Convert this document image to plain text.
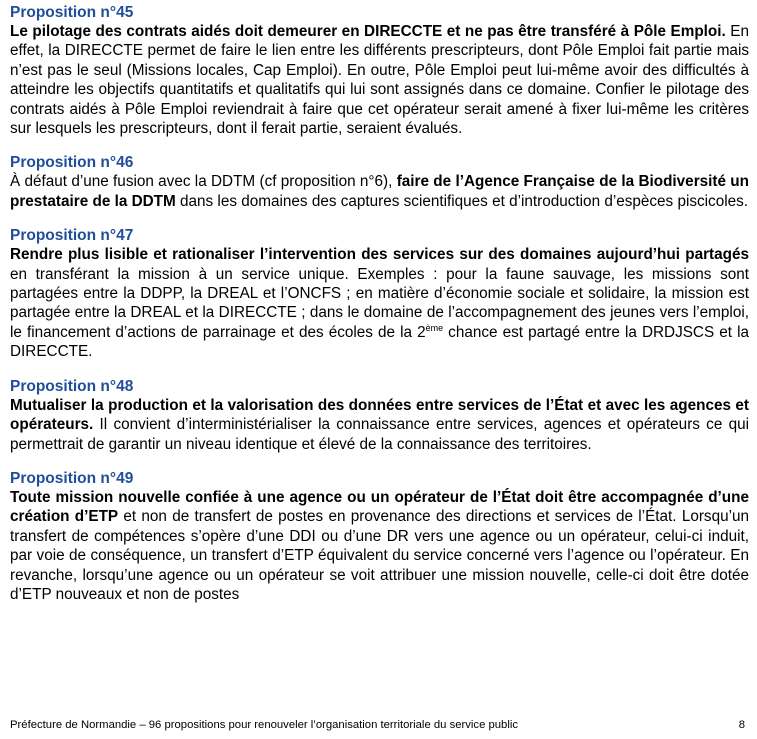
Proposition n°45
Le pilotage des contrats aidés doit demeurer en DIRECCTE et ne pas être transféré à Pôle Emploi. En effet, la DIRECCTE permet de faire le lien entre les différents prescripteurs, dont Pôle Emploi fait partie mais n’est pas le seul (Missions locales, Cap Emploi). En outre, Pôle Emploi peut lui-même avoir des difficultés à atteindre les objectifs quantitatifs et qualitatifs qui lui sont assignés dans ce domaine. Confier le pilotage des contrats aidés à Pôle Emploi reviendrait à faire que cet opérateur serait amené à fixer lui-même les critères sur lesquels les prescripteurs, dont il ferait partie, seraient évalués.
Proposition n°46
À défaut d’une fusion avec la DDTM (cf proposition n°6), faire de l’Agence Française de la Biodiversité un prestataire de la DDTM dans les domaines des captures scientifiques et d’introduction d’espèces piscicoles.
Proposition n°47
Rendre plus lisible et rationaliser l’intervention des services sur des domaines aujourd’hui partagés en transférant la mission à un service unique. Exemples : pour la faune sauvage, les missions sont partagées entre la DDPP, la DREAL et l’ONCFS ; en matière d’économie sociale et solidaire, la mission est partagée entre la DREAL et la DIRECCTE ; dans le domaine de l’accompagnement des jeunes vers l’emploi, le financement d’actions de parrainage et des écoles de la 2ème chance est partagé entre la DRDJSCS et la DIRECCTE.
Proposition n°48
Mutualiser la production et la valorisation des données entre services de l’État et avec les agences et opérateurs. Il convient d’interministérialiser la connaissance entre services, agences et opérateurs ce qui permettrait de garantir un niveau identique et élevé de la connaissance des territoires.
Proposition n°49
Toute mission nouvelle confiée à une agence ou un opérateur de l’État doit être accompagnée d’une création d’ETP et non de transfert de postes en provenance des directions et services de l’État. Lorsqu’un transfert de compétences s’opère d’une DDI ou d’une DR vers une agence ou un opérateur, celui-ci induit, par voie de conséquence, un transfert d’ETP équivalent du service concerné vers l’agence ou l’opérateur. En revanche, lorsqu’une agence ou un opérateur se voit attribuer une mission nouvelle, celle-ci doit être dotée d’ETP nouveaux et non de postes
Préfecture de Normandie – 96 propositions pour renouveler l’organisation territoriale du service public	8
